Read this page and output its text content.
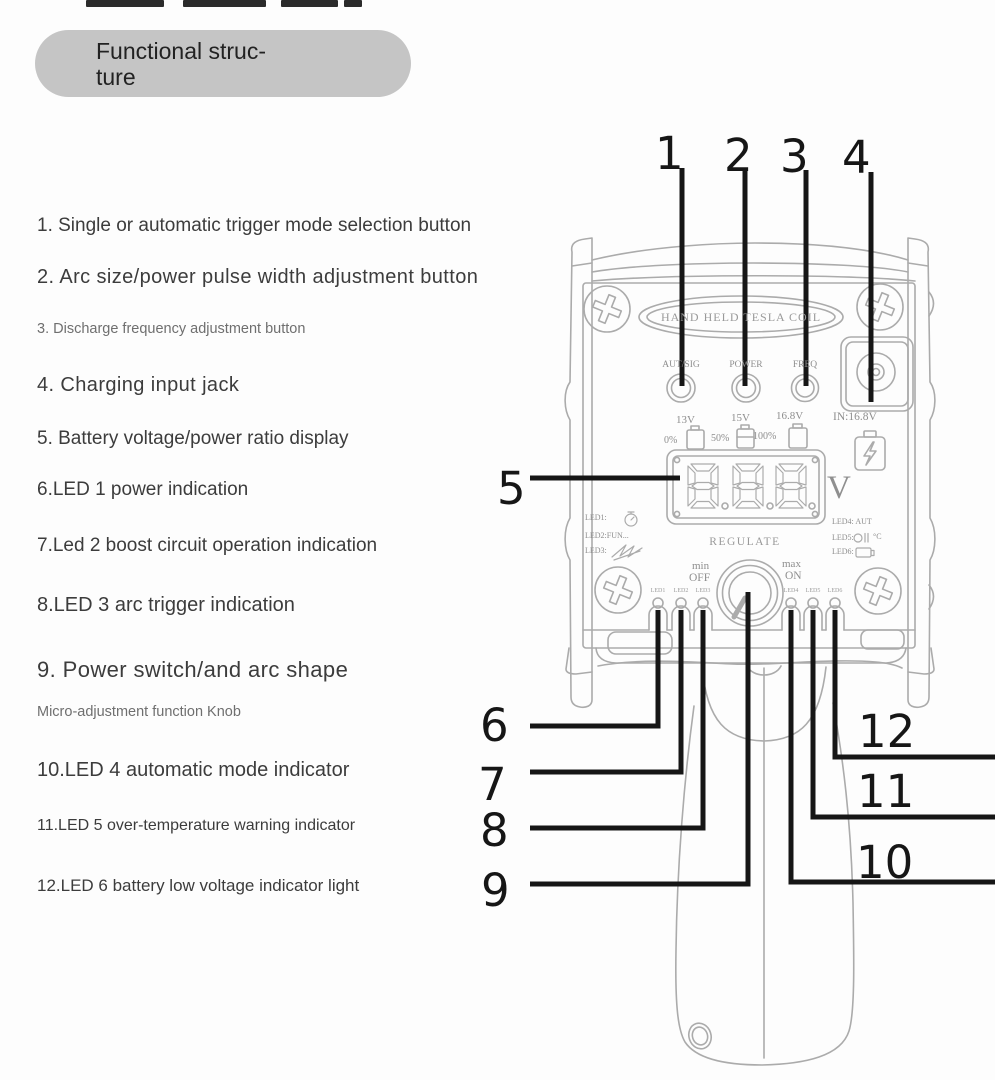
Functional struc-
ture
1. Single or automatic trigger mode selection button
2. Arc size/power pulse width adjustment button
3. Discharge frequency adjustment button
4. Charging input jack
5. Battery voltage/power ratio display
6.LED 1 power indication
7.Led 2 boost circuit operation indication
8.LED 3 arc trigger indication
9. Power switch/and arc shape
Micro-adjustment function Knob
10.LED 4 automatic mode indicator
11.LED 5 over-temperature warning indicator
12.LED 6 battery low voltage indicator light
1 2 3 4
5
6
7
8
9
10
11
12
HAND HELD TESLA COIL
AUT/SIG	POWER	FREQ
13V	15V 16.8V
0%	50% 100%
IN:16.8V
V
REGULATE
min
OFF
max
ON
LED1	LED2	LED3	LED4	LED5	LED6
LED1:
LED2:FUN...
LED3:
LED4: AUT
LED5: °C
LED6:
